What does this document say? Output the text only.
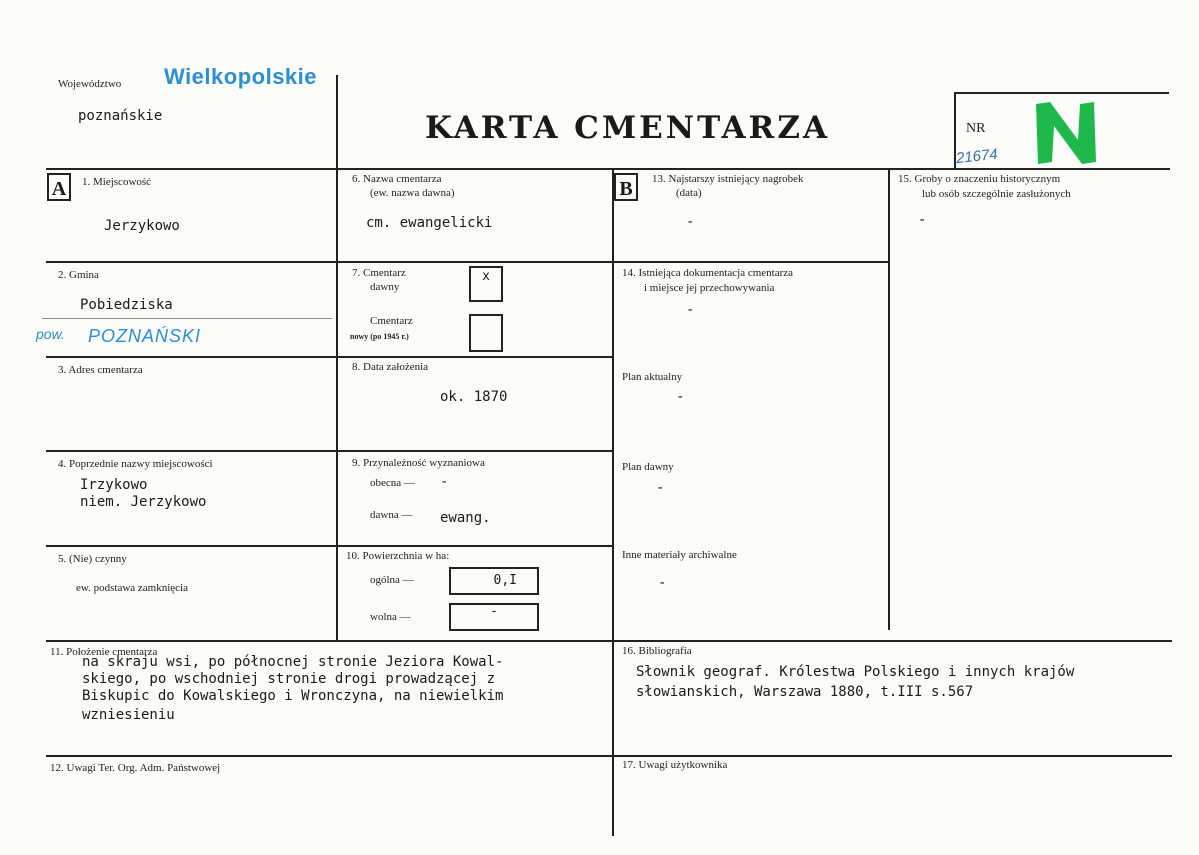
Województwo Wielkopolskie
poznańskie	KARTA CMENTARZA	NR
21674
A	1. Miejscowość
Jerzykowo
2. Gmina
Pobiedziska
pow. POZNAŃSKI
3. Adres cmentarza
4. Poprzednie nazwy miejscowości
Irzykowo
niem. Jerzykowo
5. (Nie) czynny
ew. podstawa zamknięcia
6. Nazwa cmentarza
(ew. nazwa dawna)
cm. ewangelicki
7. Cmentarz
dawny
x
Cmentarz
nowy (po 1945 r.)
8. Data założenia
ok. 1870
9. Przynależność wyznaniowa
obecna — -
dawna — ewang.
10. Powierzchnia w ha:
ogólna —	0,I
wolna —	-
B	13. Najstarszy istniejący nagrobek
(data)
-
14. Istniejąca dokumentacja cmentarza
i miejsce jej przechowywania
-
Plan aktualny
-
Plan dawny
-
Inne materiały archiwalne
-
15. Groby o znaczeniu historycznym
lub osób szczególnie zasłużonych
-
11. Położenie cmentarza
na skraju wsi, po północnej stronie Jeziora Kowal-
skiego, po wschodniej stronie drogi prowadzącej z
Biskupic do Kowalskiego i Wronczyna, na niewielkim
wzniesieniu
16. Bibliografia
Słownik geograf. Królestwa Polskiego i innych krajów
słowianskich, Warszawa 1880, t.III s.567
12. Uwagi Ter. Org. Adm. Państwowej	17. Uwagi użytkownika
